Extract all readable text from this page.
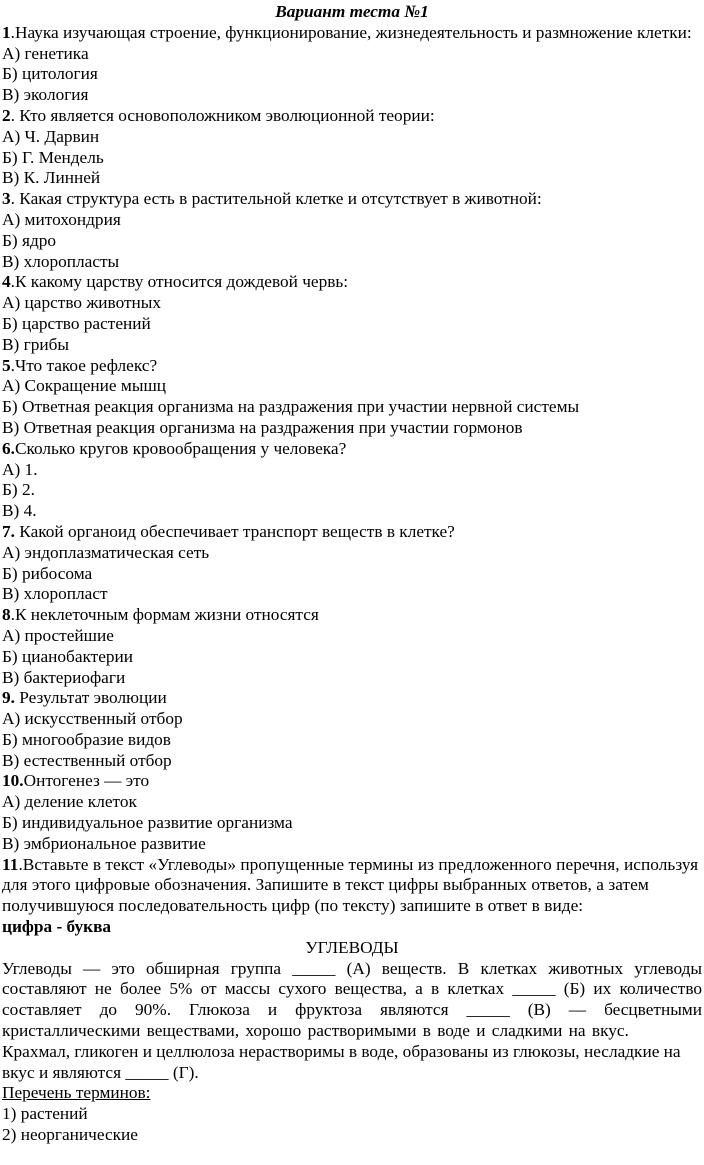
Вариант теста №1

1.Наука изучающая строение, функционирование, жизнедеятельность и размножение клетки:

А) генетика

Б) цитология

В) экология

2. Кто является основоположником эволюционной теории:

А) Ч. Дарвин

Б) Г. Мендель

В) К. Линней

3. Какая структура есть в растительной клетке и отсутствует в животной:

А) митохондрия

Б) ядро

В) хлоропласты

4.К какому царству относится дождевой червь:

А) царство животных

Б) царство растений

В) грибы

5.Что такое рефлекс?

А) Сокращение мышц

Б) Ответная реакция организма на раздражения при участии нервной системы

В) Ответная реакция организма на раздражения при участии гормонов

6.Сколько кругов кровообращения у человека?

А) 1.

Б) 2.

В) 4.

7. Какой органоид обеспечивает транспорт веществ в клетке?

А) эндоплазматическая сеть

Б) рибосома

В) хлоропласт

8.К неклеточным формам жизни относятся

А) простейшие

Б) цианобактерии

В) бактериофаги

9. Результат эволюции

А) искусственный отбор

Б) многообразие видов

В) естественный отбор

10.Онтогенез — это

А) деление клеток

Б) индивидуальное развитие организма

В) эмбриональное развитие

11.Вставьте в текст «Углеводы» пропущенные термины из предложенного перечня, используя для этого цифровые обозначения. Запишите в текст цифры выбранных ответов, а затем получившуюся последовательность цифр (по тексту) запишите в ответ в виде:

цифра - буква

УГЛЕВОДЫ

Углеводы — это обширная группа _____ (А) веществ. В клетках животных углеводы составляют не более 5% от массы сухого вещества, а в клетках _____ (Б) их количество составляет до 90%. Глюкоза и фруктоза являются _____ (В) — бесцветными кристаллическими веществами, хорошо растворимыми в воде и сладкими на вкус.

Крахмал, гликоген и целлюлоза нерастворимы в воде, образованы из глюкозы, несладкие на вкус и являются _____ (Г).

Перечень терминов:

1) растений

2) неорганические
